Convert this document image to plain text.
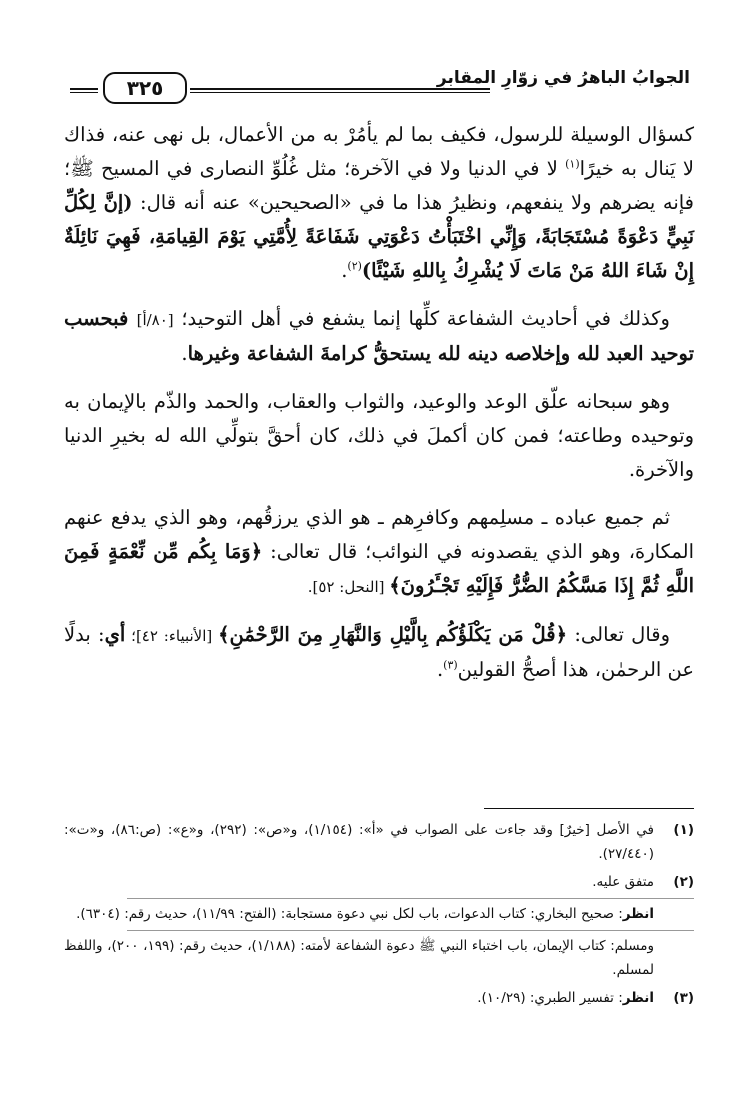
الجوابُ الباهرُ في زوّارِ المقابرِ
٣٢٥

كسؤال الوسيلة للرسول، فكيف بما لم يأمُرْ به من الأعمال، بل نهى عنه، فذاك لا يَنال به خيرًا$^{(١)}$ لا في الدنيا ولا في الآخرة؛ مثل غُلُوِّ النصارى في المسيح ﷺ؛ فإنه يضرهم ولا ينفعهم، ونظيرُ هذا ما في «الصحيحين» عنه أنه قال: (إنَّ لِكُلِّ نَبِيٍّ دَعْوَةً مُسْتَجَابَةً، وَإِنِّي اخْتَبَأْتُ دَعْوَتِي شَفَاعَةً لِأُمَّتِي يَوْمَ القِيامَةِ، فَهِيَ نَائِلَةٌ إِنْ شَاءَ اللهُ مَنْ مَاتَ لَا يُشْرِكُ بِاللهِ شَيْئًا)$^{(٢)}$.

وكذلك في أحاديث الشفاعة كلِّها إنما يشفع في أهل التوحيد؛ [٨٠/أ] فبحسب توحيد العبد لله وإخلاصه دينه لله يستحقُّ كرامةَ الشفاعة وغيرها.

وهو سبحانه علّق الوعد والوعيد، والثواب والعقاب، والحمد والذّم بالإيمان به وتوحيده وطاعته؛ فمن كان أكملَ في ذلك، كان أحقَّ بتولِّي الله له بخيرِ الدنيا والآخرة.

ثم جميع عباده ـ مسلِمهم وكافرِهم ـ هو الذي يرزقُهم، وهو الذي يدفع عنهم المكارهَ، وهو الذي يقصدونه في النوائب؛ قال تعالى: ﴿وَمَا بِكُم مِّن نِّعْمَةٍ فَمِنَ اللَّهِ ثُمَّ إِذَا مَسَّكُمُ الضُّرُّ فَإِلَيْهِ تَجْـَٔرُونَ﴾ [النحل: ٥٢].

وقال تعالى: ﴿قُلْ مَن يَكْلَؤُكُم بِالَّيْلِ وَالنَّهَارِ مِنَ الرَّحْمَٰنِ﴾ [الأنبياء: ٤٢]؛ أي: بدلًا عن الرحمٰن، هذا أصحُّ القولين$^{(٣)}$.

(١)
في الأصل [خيرٌ] وقد جاءت على الصواب في «أ»: (١/١٥٤)، و«ص»: (٢٩٢)، و«ع»: (ص:٨٦)، و«ت»: (٢٧/٤٤٠).
(٢)
متفق عليه.
انظر: صحيح البخاري: كتاب الدعوات، باب لكل نبي دعوة مستجابة: (الفتح: ١١/٩٩)، حديث رقم: (٦٣٠٤).
ومسلم: كتاب الإيمان، باب اختباء النبي ﷺ دعوة الشفاعة لأمته: (١/١٨٨)، حديث رقم: (١٩٩، ٢٠٠)، واللفظ لمسلم.
(٣)
انظر: تفسير الطبري: (١٠/٢٩).
